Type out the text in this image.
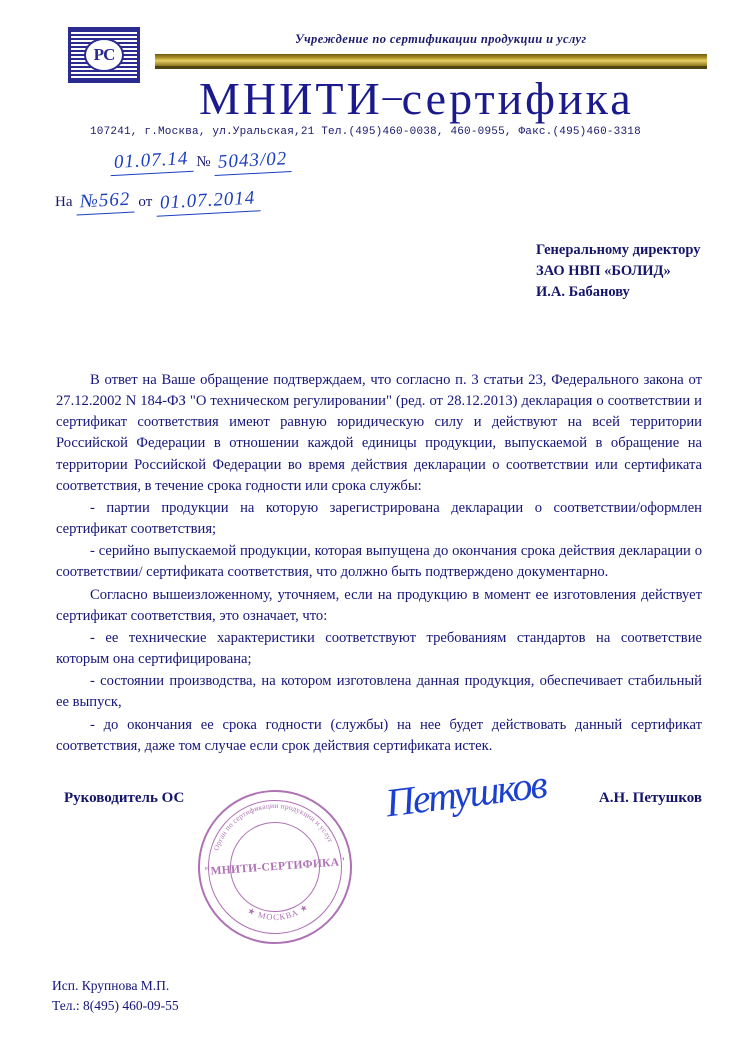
РС
Учреждение по сертификации продукции и услуг
МНИТИ–сертифика
107241, г.Москва, ул.Уральская,21 Тел.(495)460-0038, 460-0955, Факс.(495)460-3318
01.07.14 № 5043/02
На №562 от 01.07.2014
Генеральному директору
ЗАО НВП «БОЛИД»
И.А. Бабанову

В ответ на Ваше обращение подтверждаем, что согласно п. 3 статьи 23, Федерального закона от 27.12.2002 N 184-ФЗ "О техническом регулировании" (ред. от 28.12.2013) декларация о соответствии и сертификат соответствия имеют равную юридическую силу и действуют на всей территории Российской Федерации в отношении каждой единицы продукции, выпускаемой в обращение на территории Российской Федерации во время действия декларации о соответствии или сертификата соответствия, в течение срока годности или срока службы:

- партии продукции на которую зарегистрирована декларации о соответствии/оформлен сертификат соответствия;

- серийно выпускаемой продукции, которая выпущена до окончания срока действия декларации о соответствии/ сертификата соответствия, что должно быть подтверждено документарно.

Согласно вышеизложенному, уточняем, если на продукцию в момент ее изготовления действует сертификат соответствия, это означает, что:

- ее технические характеристики соответствуют требованиям стандартов на соответствие которым она сертифицирована;

- состоянии производства, на котором изготовлена данная продукция, обеспечивает стабильный ее выпуск,

- до окончания ее срока годности (службы) на нее будет действовать данный сертификат соответствия, даже том случае если срок действия сертификата истек.

Руководитель ОС	Петушков	А.Н. Петушков
Орган по сертификации продукции и услуг
★ МОСКВА ★
"МНИТИ-СЕРТИФИКА"
Исп. Крупнова М.П.
Тел.: 8(495) 460-09-55
